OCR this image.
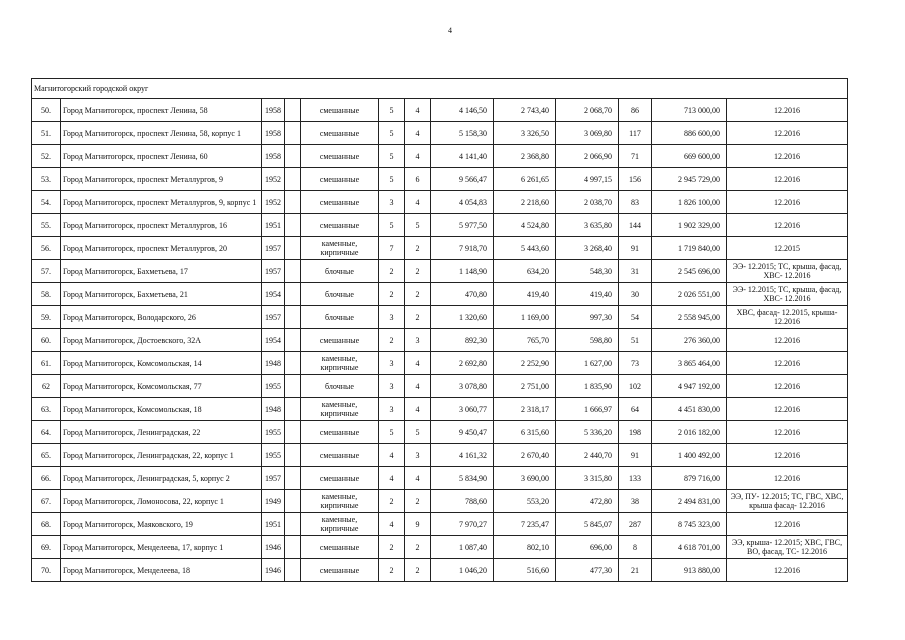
4
Магнитогорский городской округ												
50.	Город Магнитогорск, проспект Ленина, 58	1958		смешанные	5	4	4 146,50	2 743,40	2 068,70	86	713 000,00	12.2016
51.	Город Магнитогорск, проспект Ленина, 58, корпус 1	1958		смешанные	5	4	5 158,30	3 326,50	3 069,80	117	886 600,00	12.2016
52.	Город Магнитогорск, проспект Ленина, 60	1958		смешанные	5	4	4 141,40	2 368,80	2 066,90	71	669 600,00	12.2016
53.	Город Магнитогорск, проспект Металлургов, 9	1952		смешанные	5	6	9 566,47	6 261,65	4 997,15	156	2 945 729,00	12.2016
54.	Город Магнитогорск, проспект Металлургов, 9, корпус 1	1952		смешанные	3	4	4 054,83	2 218,60	2 038,70	83	1 826 100,00	12.2016
55.	Город Магнитогорск, проспект Металлургов, 16	1951		смешанные	5	5	5 977,50	4 524,80	3 635,80	144	1 902 329,00	12.2016
56.	Город Магнитогорск, проспект Металлургов, 20	1957		каменные, кирпичные	7	2	7 918,70	5 443,60	3 268,40	91	1 719 840,00	12.2015
57.	Город Магнитогорск, Бахметьева, 17	1957		блочные	2	2	1 148,90	634,20	548,30	31	2 545 696,00	ЭЭ- 12.2015; ТС, крыша, фасад, ХВС- 12.2016
58.	Город Магнитогорск, Бахметьева, 21	1954		блочные	2	2	470,80	419,40	419,40	30	2 026 551,00	ЭЭ- 12.2015; ТС, крыша, фасад, ХВС- 12.2016
59.	Город Магнитогорск, Володарского, 26	1957		блочные	3	2	1 320,60	1 169,00	997,30	54	2 558 945,00	ХВС, фасад- 12.2015, крыша- 12.2016
60.	Город Магнитогорск, Достоевского, 32А	1954		смешанные	2	3	892,30	765,70	598,80	51	276 360,00	12.2016
61.	Город Магнитогорск, Комсомольская, 14	1948		каменные, кирпичные	3	4	2 692,80	2 252,90	1 627,00	73	3 865 464,00	12.2016
62	Город Магнитогорск, Комсомольская, 77	1955		блочные	3	4	3 078,80	2 751,00	1 835,90	102	4 947 192,00	12.2016
63.	Город Магнитогорск, Комсомольская, 18	1948		каменные, кирпичные	3	4	3 060,77	2 318,17	1 666,97	64	4 451 830,00	12.2016
64.	Город Магнитогорск, Ленинградская, 22	1955		смешанные	5	5	9 450,47	6 315,60	5 336,20	198	2 016 182,00	12.2016
65.	Город Магнитогорск, Ленинградская, 22, корпус 1	1955		смешанные	4	3	4 161,32	2 670,40	2 440,70	91	1 400 492,00	12.2016
66.	Город Магнитогорск, Ленинградская, 5, корпус 2	1957		смешанные	4	4	5 834,90	3 690,00	3 315,80	133	879 716,00	12.2016
67.	Город Магнитогорск, Ломоносова, 22, корпус 1	1949		каменные, кирпичные	2	2	788,60	553,20	472,80	38	2 494 831,00	ЭЭ, ПУ- 12.2015; ТС, ГВС, ХВС, крыша фасад- 12.2016
68.	Город Магнитогорск, Маяковского, 19	1951		каменные, кирпичные	4	9	7 970,27	7 235,47	5 845,07	287	8 745 323,00	12.2016
69.	Город Магнитогорск, Менделеева, 17, корпус 1	1946		смешанные	2	2	1 087,40	802,10	696,00	8	4 618 701,00	ЭЭ, крыша- 12.2015; ХВС, ГВС, ВО, фасад, ТС- 12.2016
70.	Город Магнитогорск, Менделеева, 18	1946		смешанные	2	2	1 046,20	516,60	477,30	21	913 880,00	12.2016
